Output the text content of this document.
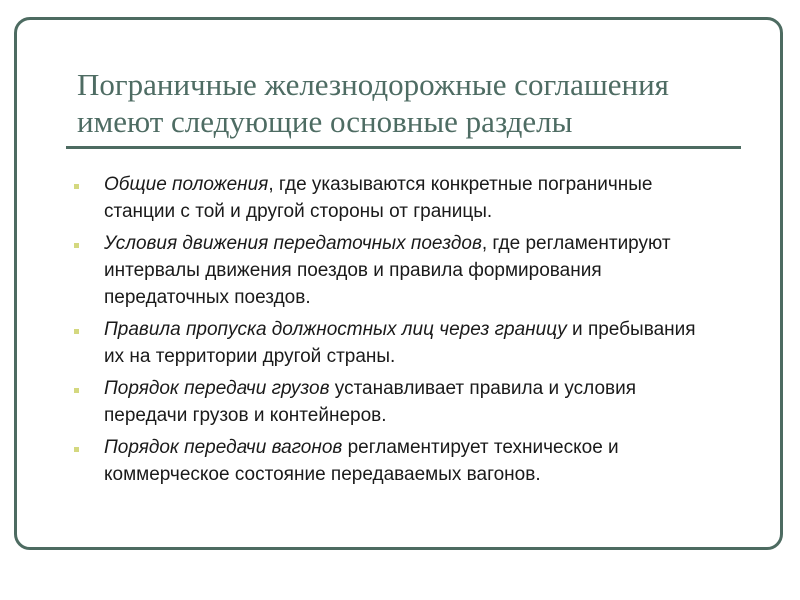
Пограничные железнодорожные соглашения имеют следующие основные разделы
Общие положения, где указываются конкретные пограничные станции с той и другой стороны от границы.
Условия движения передаточных поездов, где регламентируют интервалы движения поездов и правила формирования передаточных поездов.
Правила пропуска должностных лиц через границу и пребывания их на территории другой страны.
Порядок передачи грузов устанавливает правила и условия передачи грузов и контейнеров.
Порядок передачи вагонов регламентирует техническое и коммерческое состояние передаваемых вагонов.
